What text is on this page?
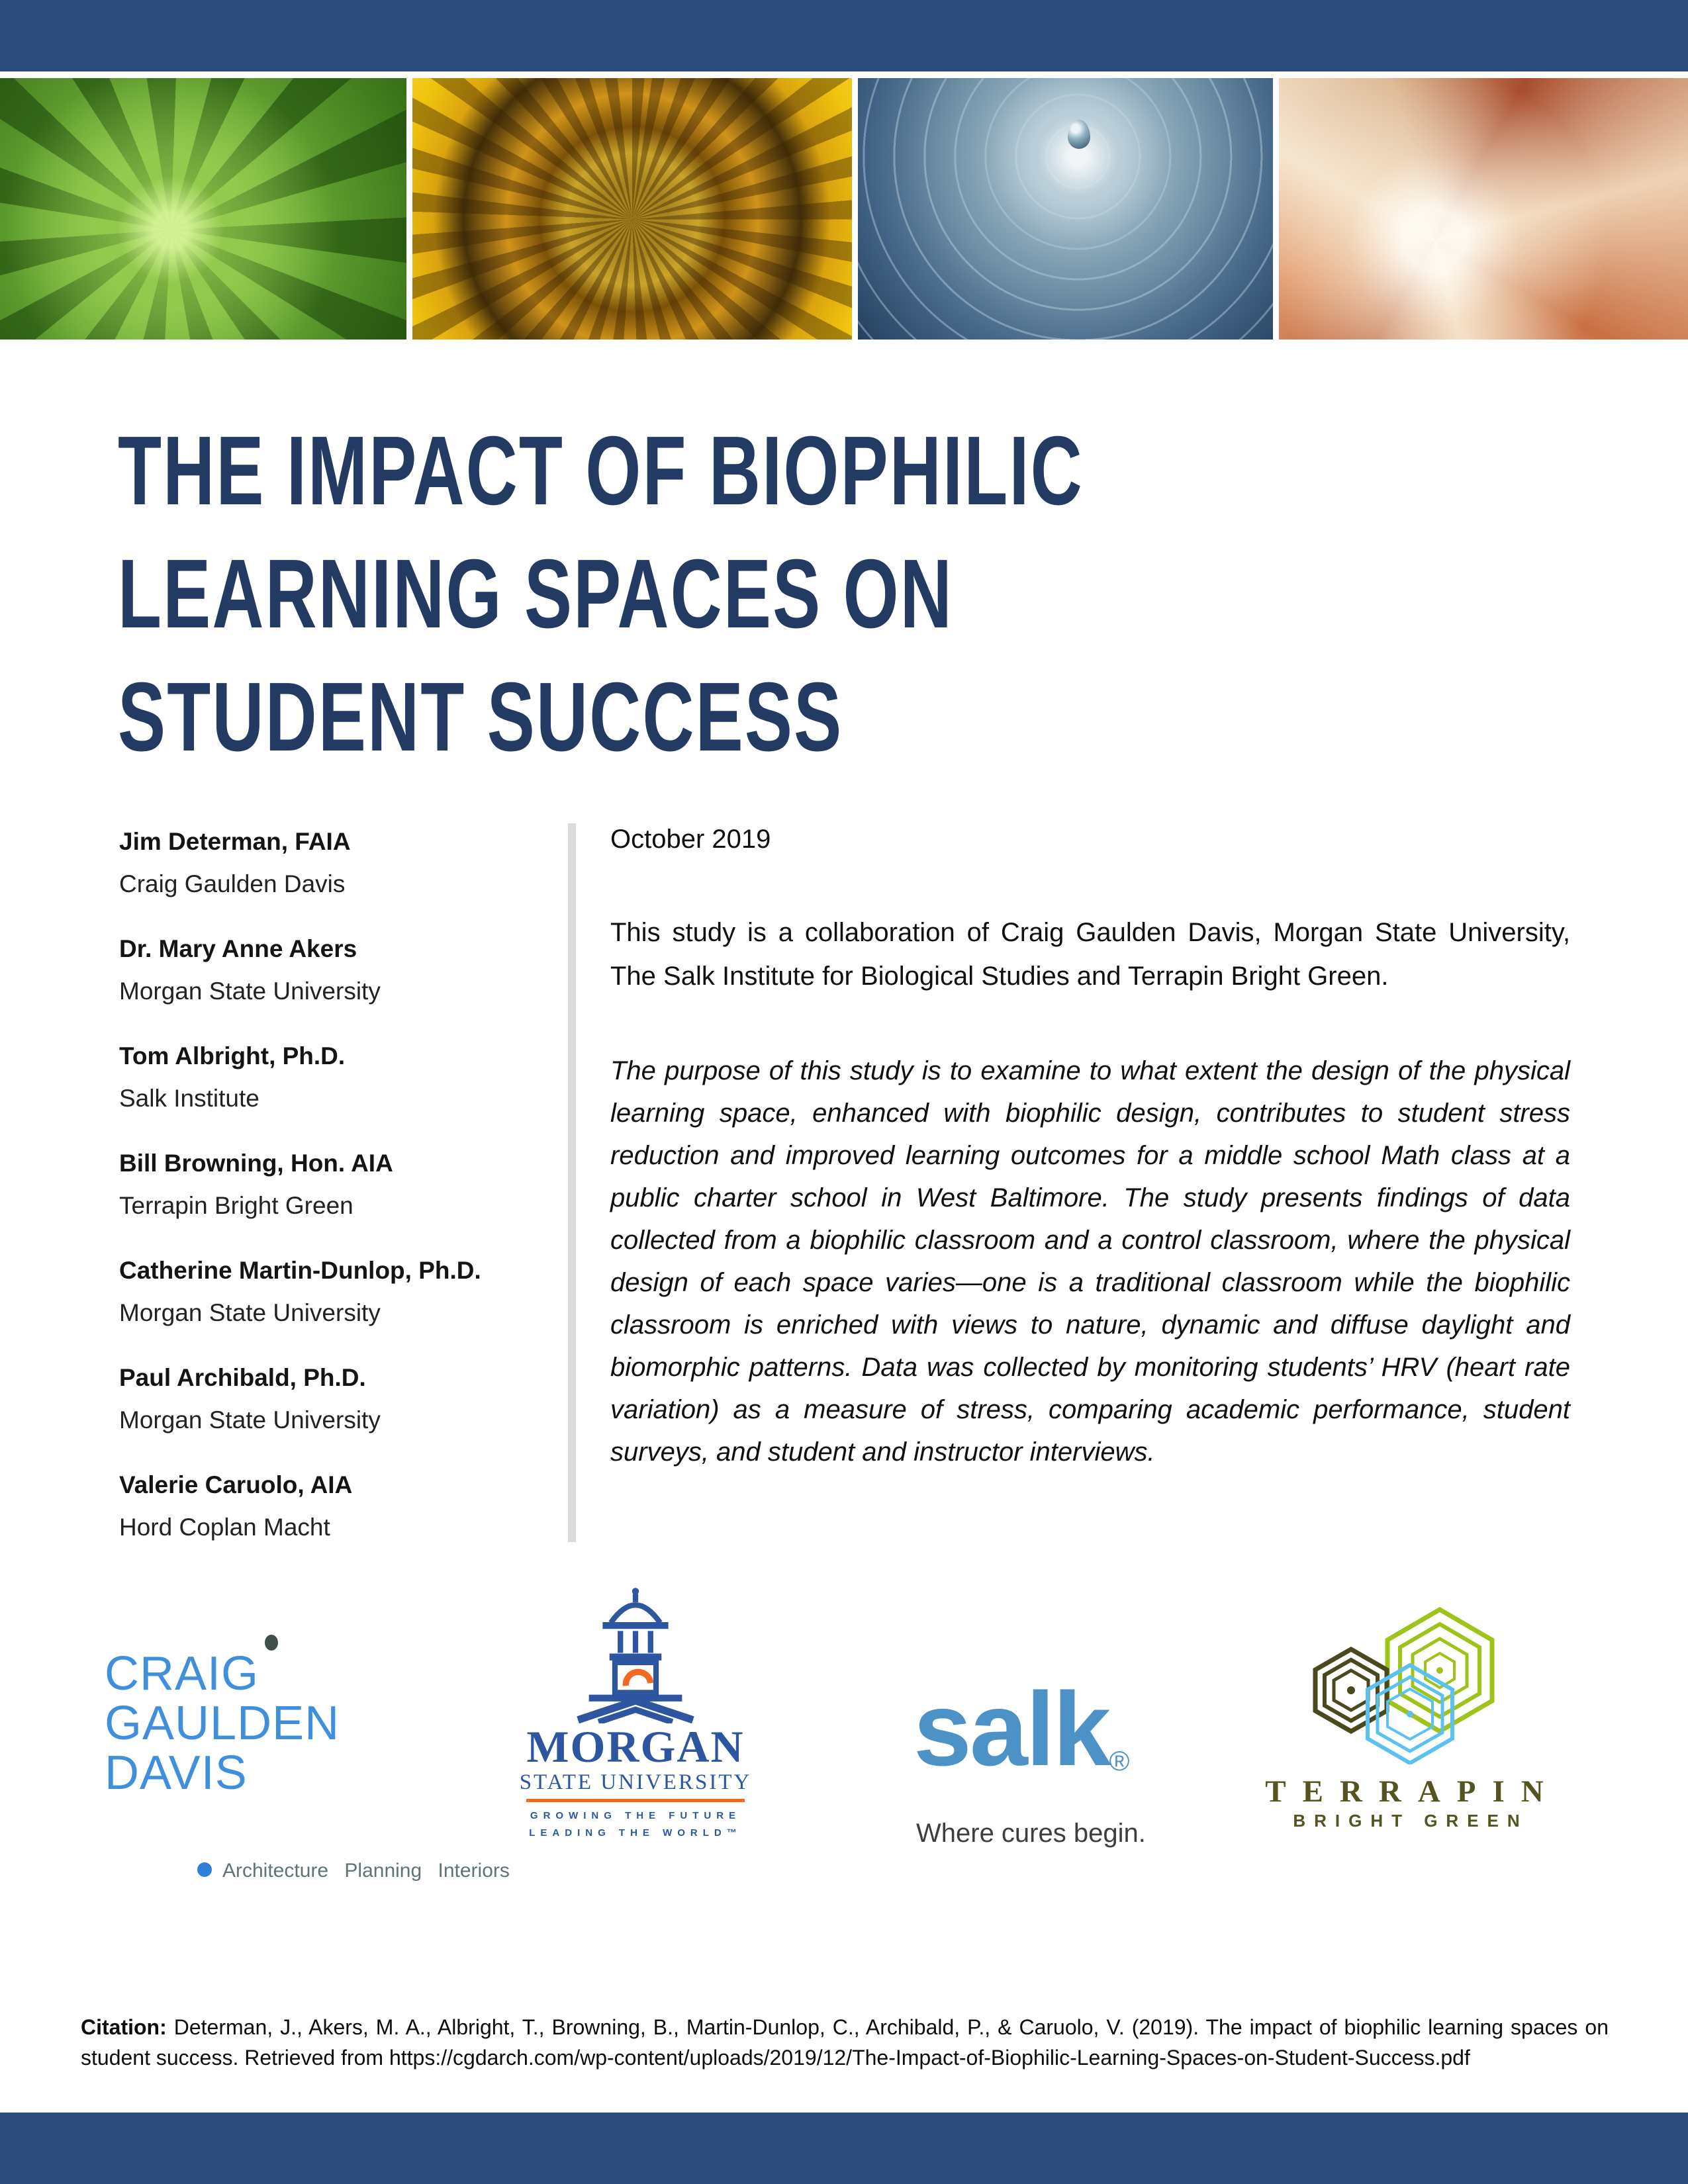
THE IMPACT OF BIOPHILIC
LEARNING SPACES ON
STUDENT SUCCESS
Jim Determan, FAIA
Craig Gaulden Davis
Dr. Mary Anne Akers
Morgan State University
Tom Albright, Ph.D.
Salk Institute
Bill Browning, Hon. AIA
Terrapin Bright Green
Catherine Martin-Dunlop, Ph.D.
Morgan State University
Paul Archibald, Ph.D.
Morgan State University
Valerie Caruolo, AIA
Hord Coplan Macht
October 2019

This study is a collaboration of Craig Gaulden Davis, Morgan State University, The Salk Institute for Biological Studies and Terrapin Bright Green.

The purpose of this study is to examine to what extent the design of the physical learning space, enhanced with biophilic design, contributes to student stress reduction and improved learning outcomes for a middle school Math class at a public charter school in West Baltimore. The study presents findings of data collected from a biophilic classroom and a control classroom, where the physical design of each space varies—one is a traditional classroom while the biophilic classroom is enriched with views to nature, dynamic and diffuse daylight and biomorphic patterns. Data was collected by monitoring students’ HRV (heart rate variation) as a measure of stress, comparing academic performance, student surveys, and student and instructor interviews.

CRAIG
GAULDEN
DAVIS
Architecture Planning Interiors
MORGAN
STATE UNIVERSITY
GROWING THE FUTURE
LEADING THE WORLD™
salk®
Where cures begin.
TERRAPIN
BRIGHT GREEN

Citation: Determan, J., Akers, M. A., Albright, T., Browning, B., Martin-Dunlop, C., Archibald, P., & Caruolo, V. (2019). The impact of biophilic learning spaces on student success. Retrieved from https://cgdarch.com/wp-content/uploads/2019/12/The-Impact-of-Biophilic-Learning-Spaces-on-Student-Success.pdf
